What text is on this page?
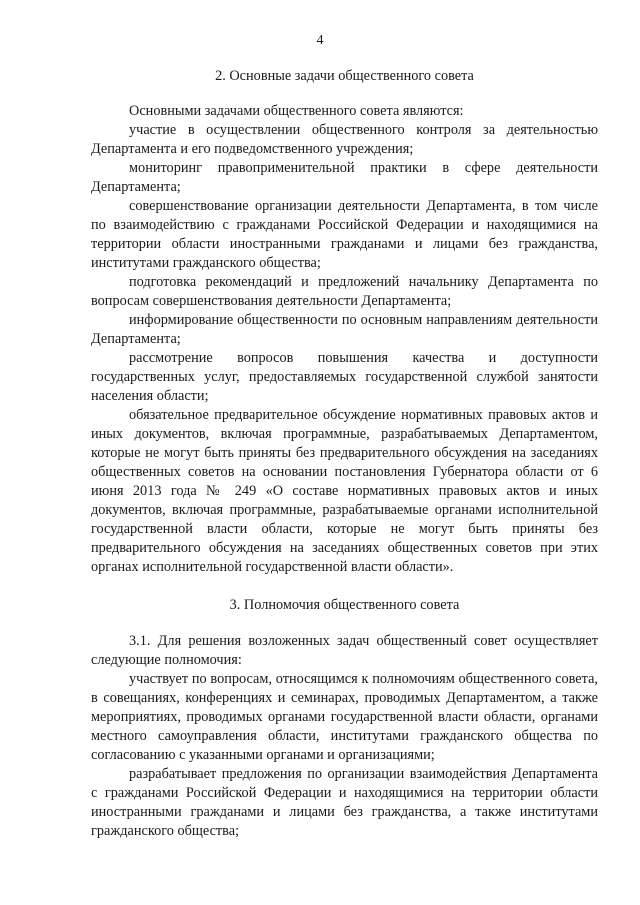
4
2. Основные задачи общественного совета

Основными задачами общественного совета являются:

участие в осуществлении общественного контроля за деятельностью Департамента и его подведомственного учреждения;

мониторинг правоприменительной практики в сфере деятельности Департамента;

совершенствование организации деятельности Департамента, в том числе по взаимодействию с гражданами Российской Федерации и находящимися на территории области иностранными гражданами и лицами без гражданства, институтами гражданского общества;

подготовка рекомендаций и предложений начальнику Департамента по вопросам совершенствования деятельности Департамента;

информирование общественности по основным направлениям деятельности Департамента;

рассмотрение вопросов повышения качества и доступности государственных услуг, предоставляемых государственной службой занятости населения области;

обязательное предварительное обсуждение нормативных правовых актов и иных документов, включая программные, разрабатываемых Департаментом, которые не могут быть приняты без предварительного обсуждения на заседаниях общественных советов на основании постановления Губернатора области от 6 июня 2013 года № 249 «О составе нормативных правовых актов и иных документов, включая программные, разрабатываемые органами исполнительной государственной власти области, которые не могут быть приняты без предварительного обсуждения на заседаниях общественных советов при этих органах исполнительной государственной власти области».

3. Полномочия общественного совета

3.1. Для решения возложенных задач общественный совет осуществляет следующие полномочия:

участвует по вопросам, относящимся к полномочиям общественного совета, в совещаниях, конференциях и семинарах, проводимых Департаментом, а также мероприятиях, проводимых органами государственной власти области, органами местного самоуправления области, институтами гражданского общества по согласованию с указанными органами и организациями;

разрабатывает предложения по организации взаимодействия Департамента с гражданами Российской Федерации и находящимися на территории области иностранными гражданами и лицами без гражданства, а также институтами гражданского общества;
